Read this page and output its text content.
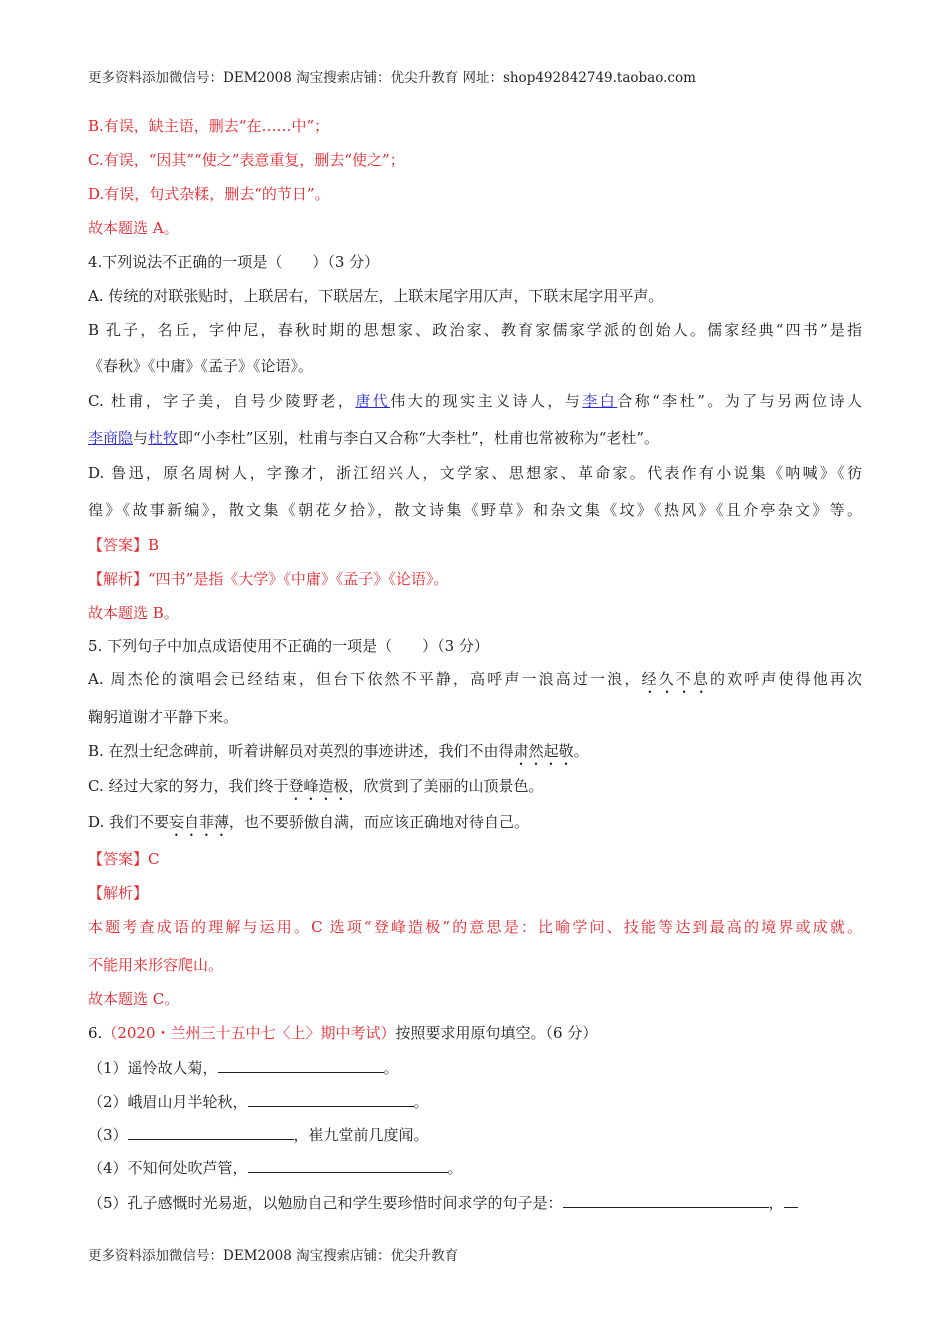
更多资料添加微信号：DEM2008 淘宝搜索店铺：优尖升教育 网址：shop492842749.taobao.com
B.有误，缺主语，删去“在……中”；
C.有误，“因其”“使之”表意重复，删去“使之”；
D.有误，句式杂糅，删去“的节日”。
故本题选 A。
4.下列说法不正确的一项是（　　）（3 分）
A. 传统的对联张贴时，上联居右，下联居左，上联末尾字用仄声，下联末尾字用平声。
B 孔子，名丘，字仲尼，春秋时期的思想家、政治家、教育家儒家学派的创始人。儒家经典“四书”是指
《春秋》《中庸》《孟子》《论语》。
C. 杜甫，字子美，自号少陵野老，唐代伟大的现实主义诗人，与李白合称“李杜”。为了与另两位诗人
李商隐与杜牧即“小李杜”区别，杜甫与李白又合称“大李杜”，杜甫也常被称为“老杜”。
D. 鲁迅，原名周树人，字豫才，浙江绍兴人，文学家、思想家、革命家。代表作有小说集《呐喊》《彷
徨》《故事新编》，散文集《朝花夕拾》，散文诗集《野草》和杂文集《坟》《热风》《且介亭杂文》等。
【答案】B
【解析】“四书”是指《大学》《中庸》《孟子》《论语》。
故本题选 B。
5. 下列句子中加点成语使用不正确的一项是（　　）（3 分）
A. 周杰伦的演唱会已经结束，但台下依然不平静，高呼声一浪高过一浪，经久不息的欢呼声使得他再次
鞠躬道谢才平静下来。
B. 在烈士纪念碑前，听着讲解员对英烈的事迹讲述，我们不由得肃然起敬。
C. 经过大家的努力，我们终于登峰造极，欣赏到了美丽的山顶景色。
D. 我们不要妄自菲薄，也不要骄傲自满，而应该正确地对待自己。
【答案】C
【解析】
本题考查成语的理解与运用。C 选项“登峰造极”的意思是：比喻学问、技能等达到最高的境界或成就。
不能用来形容爬山。
故本题选 C。
6.（2020・兰州三十五中七〈上〉期中考试）按照要求用原句填空。（6 分）
（1）遥怜故人菊，	。
（2）峨眉山月半轮秋，	。
（3）	，崔九堂前几度闻。
（4）不知何处吹芦管，	。
（5）孔子感慨时光易逝，以勉励自己和学生要珍惜时间求学的句子是：	，
更多资料添加微信号：DEM2008 淘宝搜索店铺：优尖升教育
